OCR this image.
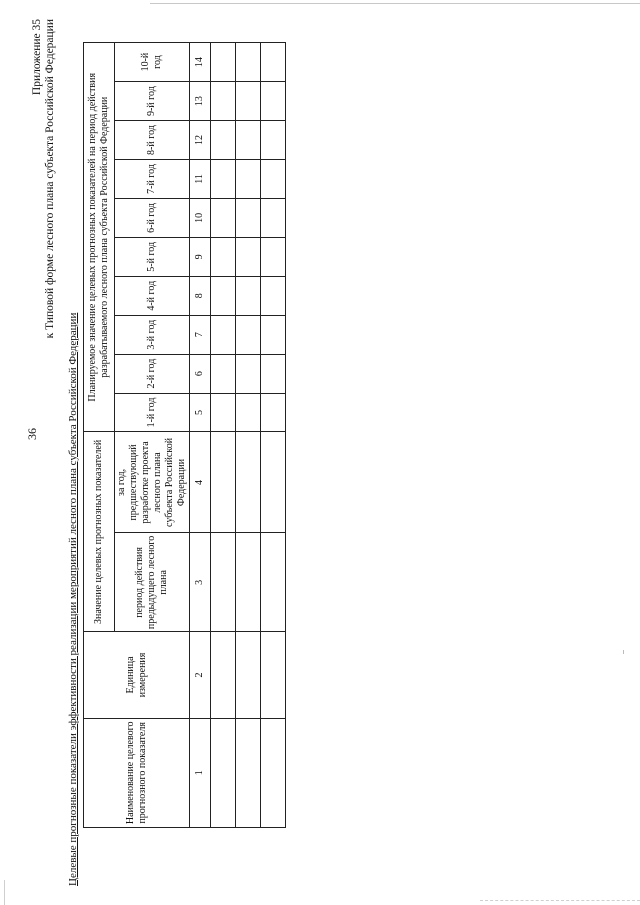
36
Приложение 35 к Типовой форме лесного плана субъекта Российской Федерации
Целевые прогнозные показатели эффективности реализации мероприятий лесного плана субъекта Российской Федерации	Наименование целевого прогнозного показателя	Единица измерения	Значение целевых прогнозных показателей		Планируемое значение целевых прогнозных показателей на период действия разрабатываемого лесного плана субъекта Российской Федерации									
		период действия предыдущего лесного плана	за год, предшествующий разработке проекта лесного плана субъекта Российской Федерации	1-й год	2-й год	3-й год	4-й год	5-й год	6-й год	7-й год	8-й год	9-й год	10-й год
1	2	3	4	5	6	7	8	9	10	11	12	13	14
